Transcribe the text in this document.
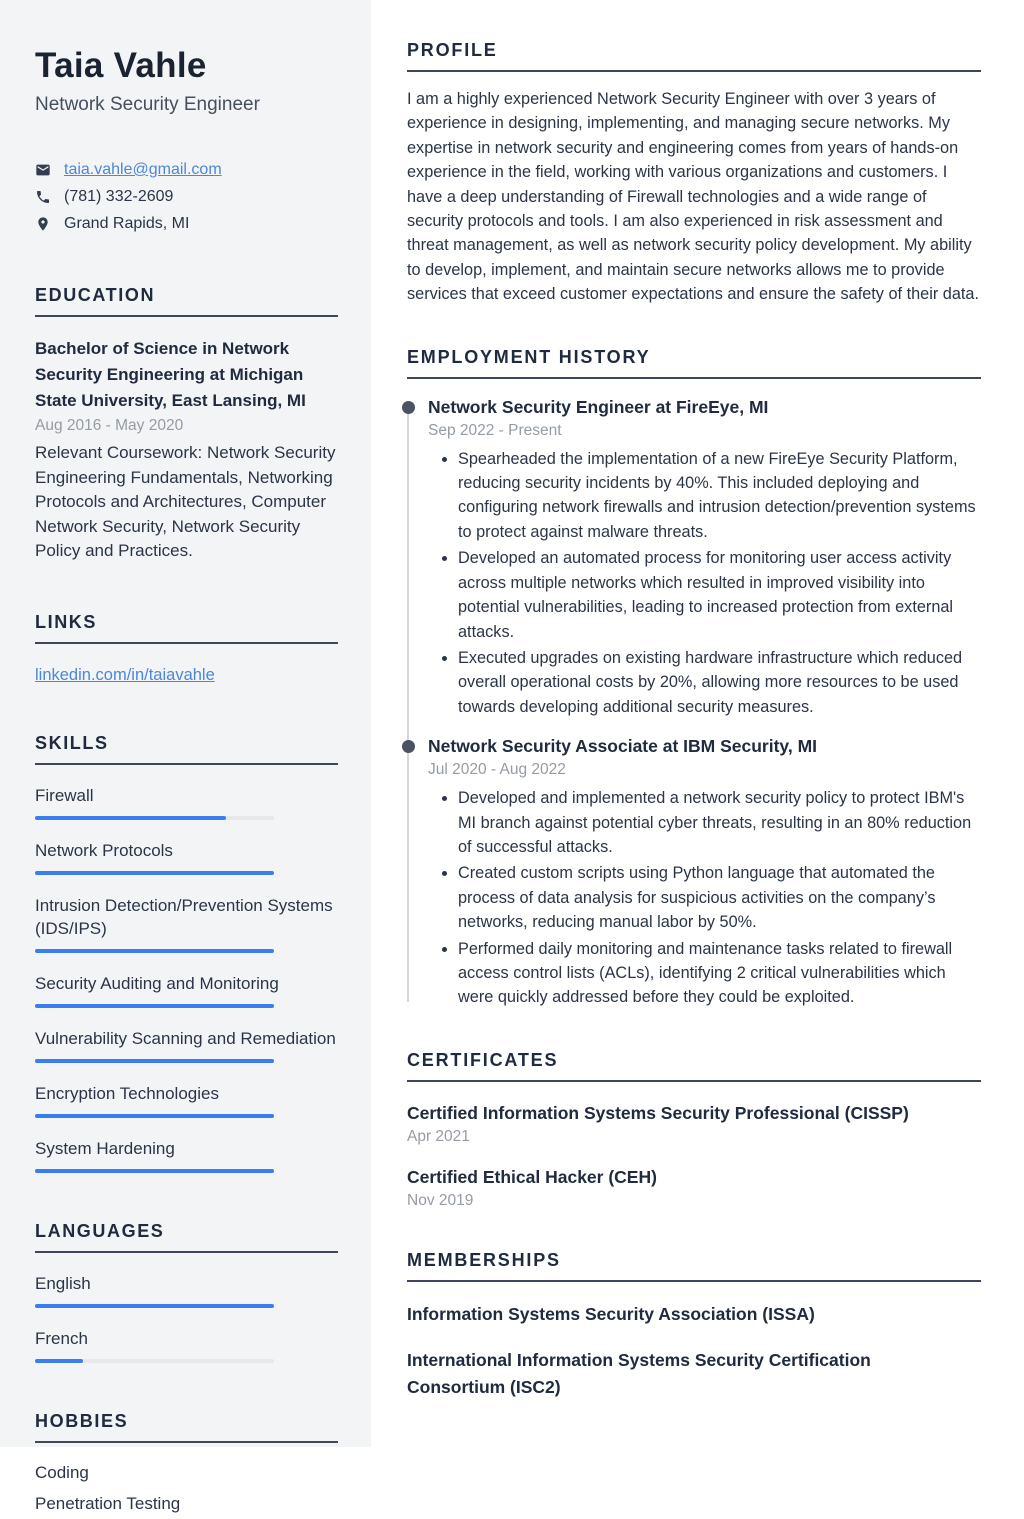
Taia Vahle
Network Security Engineer
taia.vahle@gmail.com
(781) 332-2609
Grand Rapids, MI
EDUCATION
Bachelor of Science in Network Security Engineering at Michigan State University, East Lansing, MI
Aug 2016 - May 2020
Relevant Coursework: Network Security Engineering Fundamentals, Networking Protocols and Architectures, Computer Network Security, Network Security Policy and Practices.
LINKS
linkedin.com/in/taiavahle
SKILLS
Firewall
Network Protocols
Intrusion Detection/Prevention Systems (IDS/IPS)
Security Auditing and Monitoring
Vulnerability Scanning and Remediation
Encryption Technologies
System Hardening
LANGUAGES
English
French
HOBBIES
Coding
Penetration Testing
PROFILE

I am a highly experienced Network Security Engineer with over 3 years of experience in designing, implementing, and managing secure networks. My expertise in network security and engineering comes from years of hands-on experience in the field, working with various organizations and customers. I have a deep understanding of Firewall technologies and a wide range of security protocols and tools. I am also experienced in risk assessment and threat management, as well as network security policy development. My ability to develop, implement, and maintain secure networks allows me to provide services that exceed customer expectations and ensure the safety of their data.

EMPLOYMENT HISTORY
Network Security Engineer at FireEye, MI
Sep 2022 - Present
• Spearheaded the implementation of a new FireEye Security Platform, reducing security incidents by 40%. This included deploying and configuring network firewalls and intrusion detection/prevention systems to protect against malware threats.
• Developed an automated process for monitoring user access activity across multiple networks which resulted in improved visibility into potential vulnerabilities, leading to increased protection from external attacks.
• Executed upgrades on existing hardware infrastructure which reduced overall operational costs by 20%, allowing more resources to be used towards developing additional security measures.
Network Security Associate at IBM Security, MI
Jul 2020 - Aug 2022
• Developed and implemented a network security policy to protect IBM's MI branch against potential cyber threats, resulting in an 80% reduction of successful attacks.
• Created custom scripts using Python language that automated the process of data analysis for suspicious activities on the company’s networks, reducing manual labor by 50%.
• Performed daily monitoring and maintenance tasks related to firewall access control lists (ACLs), identifying 2 critical vulnerabilities which were quickly addressed before they could be exploited.
CERTIFICATES
Certified Information Systems Security Professional (CISSP)
Apr 2021
Certified Ethical Hacker (CEH)
Nov 2019
MEMBERSHIPS
Information Systems Security Association (ISSA)
International Information Systems Security Certification Consortium (ISC2)
